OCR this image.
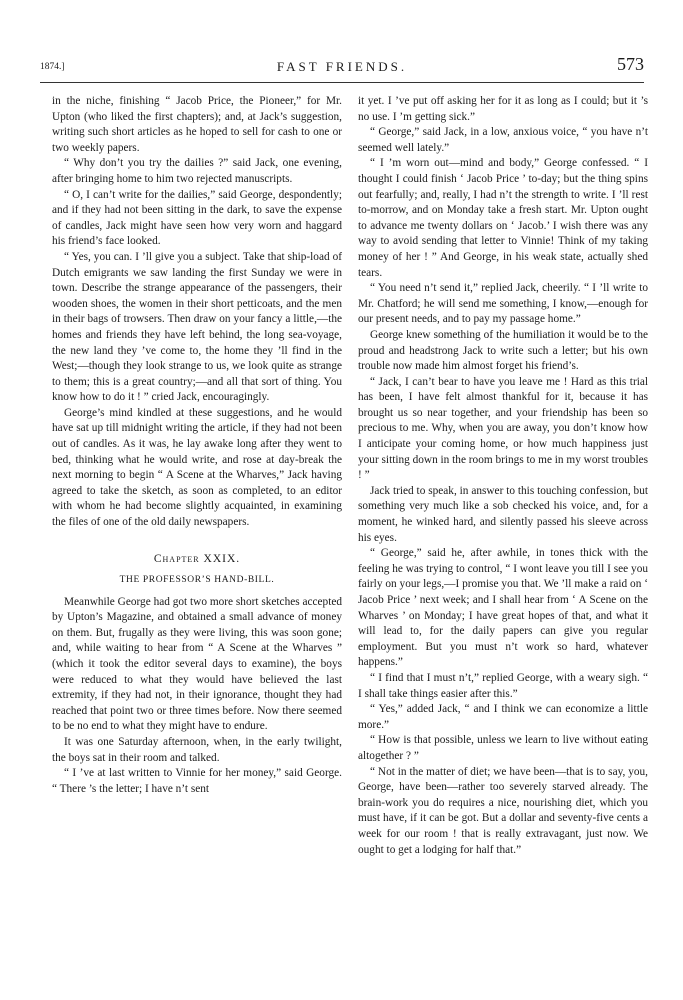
1874.]	FAST FRIENDS.	573

in the niche, finishing “ Jacob Price, the Pioneer,” for Mr. Upton (who liked the first chapters); and, at Jack’s suggestion, writing such short articles as he hoped to sell for cash to one or two weekly papers.

“ Why don’t you try the dailies ?” said Jack, one evening, after bringing home to him two rejected manuscripts.

“ O, I can’t write for the dailies,” said George, despondently; and if they had not been sitting in the dark, to save the expense of candles, Jack might have seen how very worn and haggard his friend’s face looked.

“ Yes, you can. I ’ll give you a subject. Take that ship-load of Dutch emigrants we saw landing the first Sunday we were in town. Describe the strange appearance of the passengers, their wooden shoes, the women in their short petticoats, and the men in their bags of trowsers. Then draw on your fancy a little,—the homes and friends they have left behind, the long sea-voyage, the new land they ’ve come to, the home they ’ll find in the West;—though they look strange to us, we look quite as strange to them; this is a great country;—and all that sort of thing. You know how to do it ! ” cried Jack, encouragingly.

George’s mind kindled at these suggestions, and he would have sat up till midnight writing the article, if they had not been out of candles. As it was, he lay awake long after they went to bed, thinking what he would write, and rose at day-break the next morning to begin “ A Scene at the Wharves,” Jack having agreed to take the sketch, as soon as completed, to an editor with whom he had become slightly acquainted, in examining the files of one of the old daily newspapers.

Chapter XXIX.
THE PROFESSOR’S HAND-BILL.

Meanwhile George had got two more short sketches accepted by Upton’s Magazine, and obtained a small advance of money on them. But, frugally as they were living, this was soon gone; and, while waiting to hear from “ A Scene at the Wharves ” (which it took the editor several days to examine), the boys were reduced to what they would have believed the last extremity, if they had not, in their ignorance, thought they had reached that point two or three times before. Now there seemed to be no end to what they might have to endure.

It was one Saturday afternoon, when, in the early twilight, the boys sat in their room and talked.

“ I ’ve at last written to Vinnie for her money,” said George. “ There ’s the letter; I have n’t sent

it yet. I ’ve put off asking her for it as long as I could; but it ’s no use. I ’m getting sick.”

“ George,” said Jack, in a low, anxious voice, “ you have n’t seemed well lately.”

“ I ’m worn out—mind and body,” George confessed. “ I thought I could finish ‘ Jacob Price ’ to-day; but the thing spins out fearfully; and, really, I had n’t the strength to write. I ’ll rest to-morrow, and on Monday take a fresh start. Mr. Upton ought to advance me twenty dollars on ‘ Jacob.’ I wish there was any way to avoid sending that letter to Vinnie! Think of my taking money of her ! ” And George, in his weak state, actually shed tears.

“ You need n’t send it,” replied Jack, cheerily. “ I ’ll write to Mr. Chatford; he will send me something, I know,—enough for our present needs, and to pay my passage home.”

George knew something of the humiliation it would be to the proud and headstrong Jack to write such a letter; but his own trouble now made him almost forget his friend’s.

“ Jack, I can’t bear to have you leave me ! Hard as this trial has been, I have felt almost thankful for it, because it has brought us so near together, and your friendship has been so precious to me. Why, when you are away, you don’t know how I anticipate your coming home, or how much happiness just your sitting down in the room brings to me in my worst troubles ! ”

Jack tried to speak, in answer to this touching confession, but something very much like a sob checked his voice, and, for a moment, he winked hard, and silently passed his sleeve across his eyes.

“ George,” said he, after awhile, in tones thick with the feeling he was trying to control, “ I wont leave you till I see you fairly on your legs,—I promise you that. We ’ll make a raid on ‘ Jacob Price ’ next week; and I shall hear from ‘ A Scene on the Wharves ’ on Monday; I have great hopes of that, and what it will lead to, for the daily papers can give you regular employment. But you must n’t work so hard, whatever happens.”

“ I find that I must n’t,” replied George, with a weary sigh. “ I shall take things easier after this.”

“ Yes,” added Jack, “ and I think we can economize a little more.”

“ How is that possible, unless we learn to live without eating altogether ? ”

“ Not in the matter of diet; we have been—that is to say, you, George, have been—rather too severely starved already. The brain-work you do requires a nice, nourishing diet, which you must have, if it can be got. But a dollar and seventy-five cents a week for our room ! that is really extravagant, just now. We ought to get a lodging for half that.”
